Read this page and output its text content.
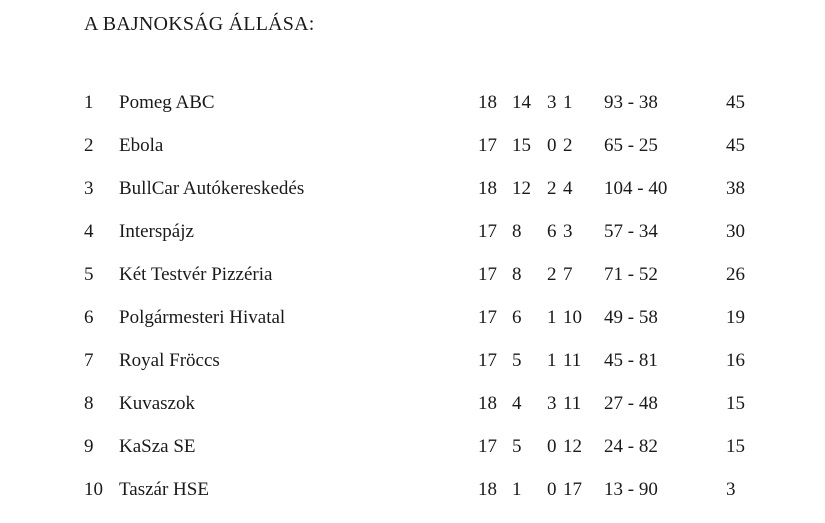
A BAJNOKSÁG ÁLLÁSA:
1 Pomeg ABC	18 14 3 1 93 - 38	45
2 Ebola	17 15 0 2 65 - 25	45
3 BullCar Autókereskedés	18 12 2 4 104 - 40	38
4 Interspájz	17 8 6 3 57 - 34	30
5 Két Testvér Pizzéria	17 8 2 7 71 - 52	26
6 Polgármesteri Hivatal	17 6 1 10 49 - 58	19
7 Royal Fröccs	17 5 1 11 45 - 81	16
8 Kuvaszok	18 4 3 11 27 - 48	15
9 KaSza SE	17 5 0 12 24 - 82	15
10 Taszár HSE	18 1 0 17 13 - 90	3
